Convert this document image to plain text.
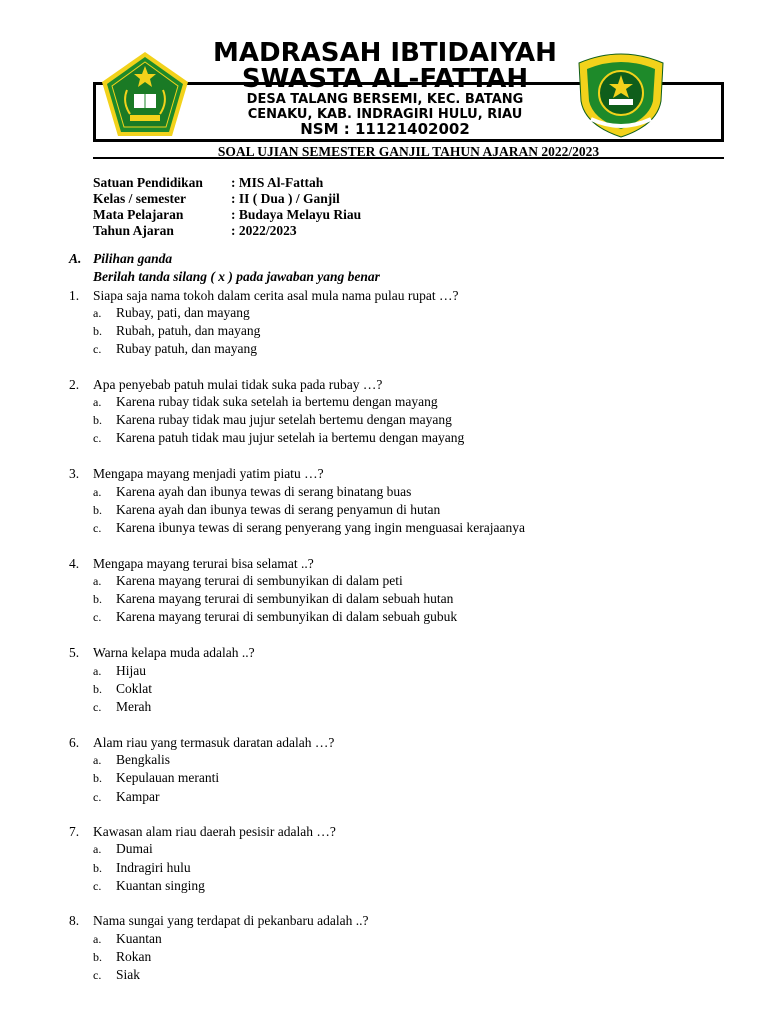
MADRASAH IBTIDAIYAH
SWASTA AL-FATTAH
DESA TALANG BERSEMI, KEC. BATANG
CENAKU, KAB. INDRAGIRI HULU, RIAU
NSM : 11121402002
SOAL UJIAN SEMESTER GANJIL TAHUN AJARAN 2022/2023
Satuan Pendidikan : MIS Al-Fattah
Kelas / semester	: II ( Dua ) / Ganjil
Mata Pelajaran	: Budaya Melayu Riau
Tahun Ajaran	: 2022/2023
A. Pilihan ganda
Berilah tanda silang ( x ) pada jawaban yang benar
1. Siapa saja nama tokoh dalam cerita asal mula nama pulau rupat …?
a. Rubay, pati, dan mayang
b. Rubah, patuh, dan mayang
c. Rubay patuh, dan mayang
2. Apa penyebab patuh mulai tidak suka pada rubay …?
a. Karena rubay tidak suka setelah ia bertemu dengan mayang
b. Karena rubay tidak mau jujur setelah bertemu dengan mayang
c. Karena patuh tidak mau jujur setelah ia bertemu dengan mayang
3. Mengapa mayang menjadi yatim piatu …?
a. Karena ayah dan ibunya tewas di serang binatang buas
b. Karena ayah dan ibunya tewas di serang penyamun di hutan
c. Karena ibunya tewas di serang penyerang yang ingin menguasai kerajaanya
4. Mengapa mayang terurai bisa selamat ..?
a. Karena mayang terurai di sembunyikan di dalam peti
b. Karena mayang terurai di sembunyikan di dalam sebuah hutan
c. Karena mayang terurai di sembunyikan di dalam sebuah gubuk
5. Warna kelapa muda adalah ..?
a. Hijau
b. Coklat
c. Merah
6. Alam riau yang termasuk daratan adalah …?
a. Bengkalis
b. Kepulauan meranti
c. Kampar
7. Kawasan alam riau daerah pesisir adalah …?
a. Dumai
b. Indragiri hulu
c. Kuantan singing
8. Nama sungai yang terdapat di pekanbaru adalah ..?
a. Kuantan
b. Rokan
c. Siak
